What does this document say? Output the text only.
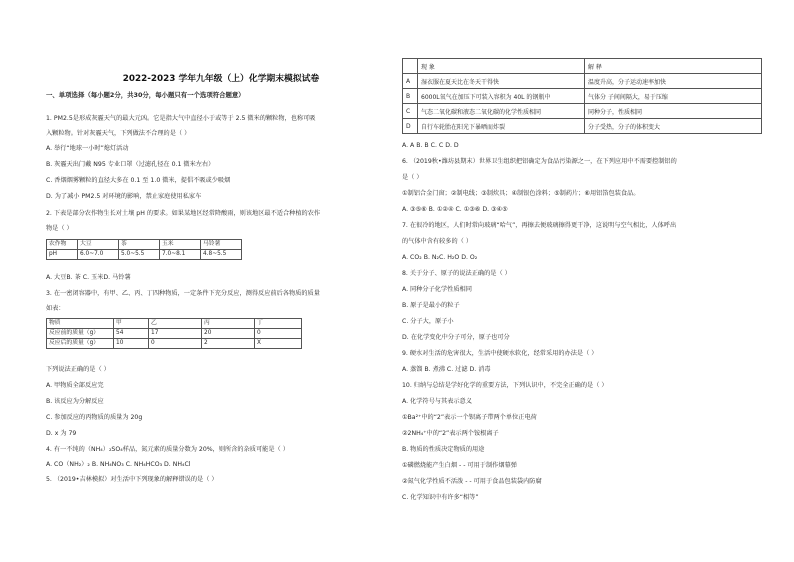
2022-2023 学年九年级（上）化学期末模拟试卷
一、单项选择（每小题2分，共30分，每小题只有一个选项符合题意）
1. PM2.5是形成灰霾天气的最大元凶。它是指大气中直径小于或等于 2.5 微米的颗粒物，也称可吸
入颗粒物。针对灰霾天气，下列做法不合理的是（ ）
A. 举行“地球一小时”熄灯活动
B. 灰霾天出门戴 N95 专业口罩（过滤孔径在 0.1 微米左右）
C. 香烟烟雾颗粒的直径大多在 0.1 至 1.0 微米，提倡不吸或少吸烟
D. 为了减小 PM2.5 对环境的影响，禁止家庭使用私家车
2. 下表是部分农作物生长对土壤 pH 的要求。如果某地区经常降酸雨，则该地区最不适合种植的农作
物是（ ）
农作物	大豆	茶	玉米	马铃薯
pH	6.0~7.0	5.0~5.5	7.0~8.1	4.8~5.5
A. 大豆B. 茶 C. 玉米D. 马铃薯
3. 在一密闭容器中，有甲、乙、丙、丁四种物质，一定条件下充分反应，测得反应前后各物质的质量
如表：
物质	甲	乙	丙	丁
反应前的质量（g）	54	17	20	0
反应后的质量（g）	10	0	2	X
下列说法正确的是（ ）
A. 甲物质全部反应完
B. 该反应为分解反应
C. 参加反应的丙物质的质量为 20g
D. x 为 79
4. 有一不纯的（NH₄）₂SO₄样品，氮元素的质量分数为 20%，则所含的杂质可能是（ ）
A. CO（NH₂）₂ B. NH₄NO₃ C. NH₄HCO₃ D. NH₄Cl
5. （2019•吉林模拟）对生活中下列现象的解释错误的是（ ）
	现 象	解 释
A	湿衣服在夏天比在冬天干得快	温度升高，分子运动速率加快
B	6000L氧气在加压下可装入容积为 40L 的钢瓶中	气体分 子间间隔大，易于压缩
C	气态二氧化碳和液态二氧化碳的化学性质相同	同种分子，性质相同
D	自行车轮胎在阳光下暴晒而炸裂	分子受热，分子的体积变大
A. A B. B C. C D. D
6. （2019秋•潍坊县期末）世界卫生组织把铝确定为食品污染源之一，在下列应用中不需要控制铝的
是（ ）
①制铝合金门窗；②制电线；③制炊具；④制银色涂料；⑤制药片；⑥用铝箔包装食品。
A. ③⑤⑥ B. ①②④ C. ①③⑥ D. ③④⑤
7. 在很冷的地区，人们时常向玻璃“哈气”，再擦去便玻璃擦得更干净，这说明与空气相比，人体呼出
的气体中含有较多的（ ）
A. CO₂ B. N₂C. H₂O D. O₂
8. 关于分子、原子的说法正确的是（ ）
A. 同种分子化学性质相同
B. 原子是最小的粒子
C. 分子大，原子小
D. 在化学变化中分子可分，原子也可分
9. 硬水对生活的危害很大，生活中使硬水软化，经常采用的办法是（ ）
A. 蒸馏 B. 煮沸 C. 过滤 D. 消毒
10. 归纳与总结是学好化学的重要方法，下列认识中，不完全正确的是（ ）
A. 化学符号与其表示意义
①Ba²⁺中的“2”表示一个钡离子带两个单位正电荷
②2NH₄⁺中的“2”表示两个铵根离子
B. 物质的性质决定物质的用途
①磷燃烧能产生白烟 - - 可用于制作烟幕弹
②氮气化学性质不活泼 - - 可用于食品包装袋内防腐
C. 化学知识中有许多“相等”
